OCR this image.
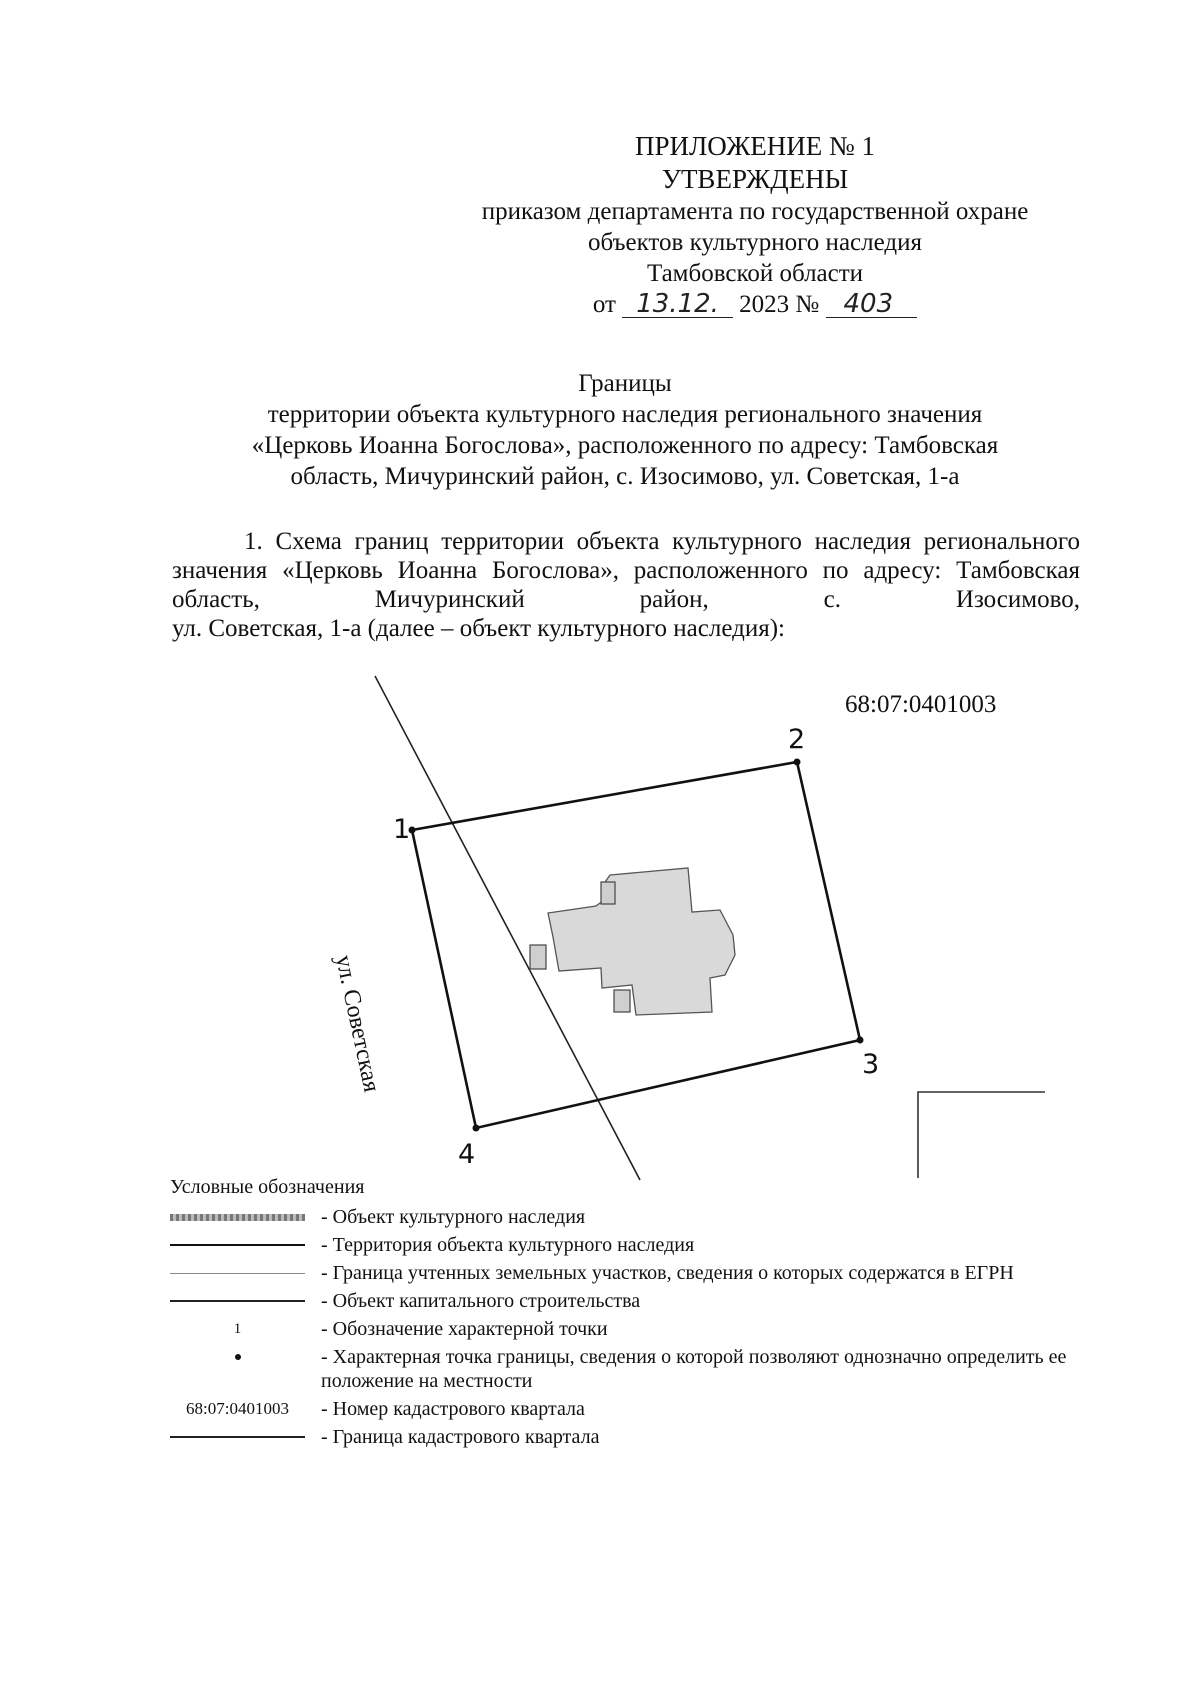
ПРИЛОЖЕНИЕ № 1
УТВЕРЖДЕНЫ
приказом департамента по государственной охране
объектов культурного наследия
Тамбовской области
от 13.12. 2023 № 403
Границы
территории объекта культурного наследия регионального значения
«Церковь Иоанна Богослова», расположенного по адресу: Тамбовская
область, Мичуринский район, с. Изосимово, ул. Советская, 1-а
1. Схема границ территории объекта культурного наследия регионального значения «Церковь Иоанна Богослова», расположенного по адресу: Тамбовская область, Мичуринский район, с. Изосимово,
ул. Советская, 1-а (далее – объект культурного наследия):
68:07:0401003
1
2
3
4
ул. Советская
Условные обозначения
- Объект культурного наследия
- Территория объекта культурного наследия
- Граница учтенных земельных участков, сведения о которых содержатся в ЕГРН
- Объект капитального строительства
1	- Обозначение характерной точки
- Характерная точка границы, сведения о которой позволяют однозначно определить ее положение на местности
68:07:0401003	- Номер кадастрового квартала
- Граница кадастрового квартала
